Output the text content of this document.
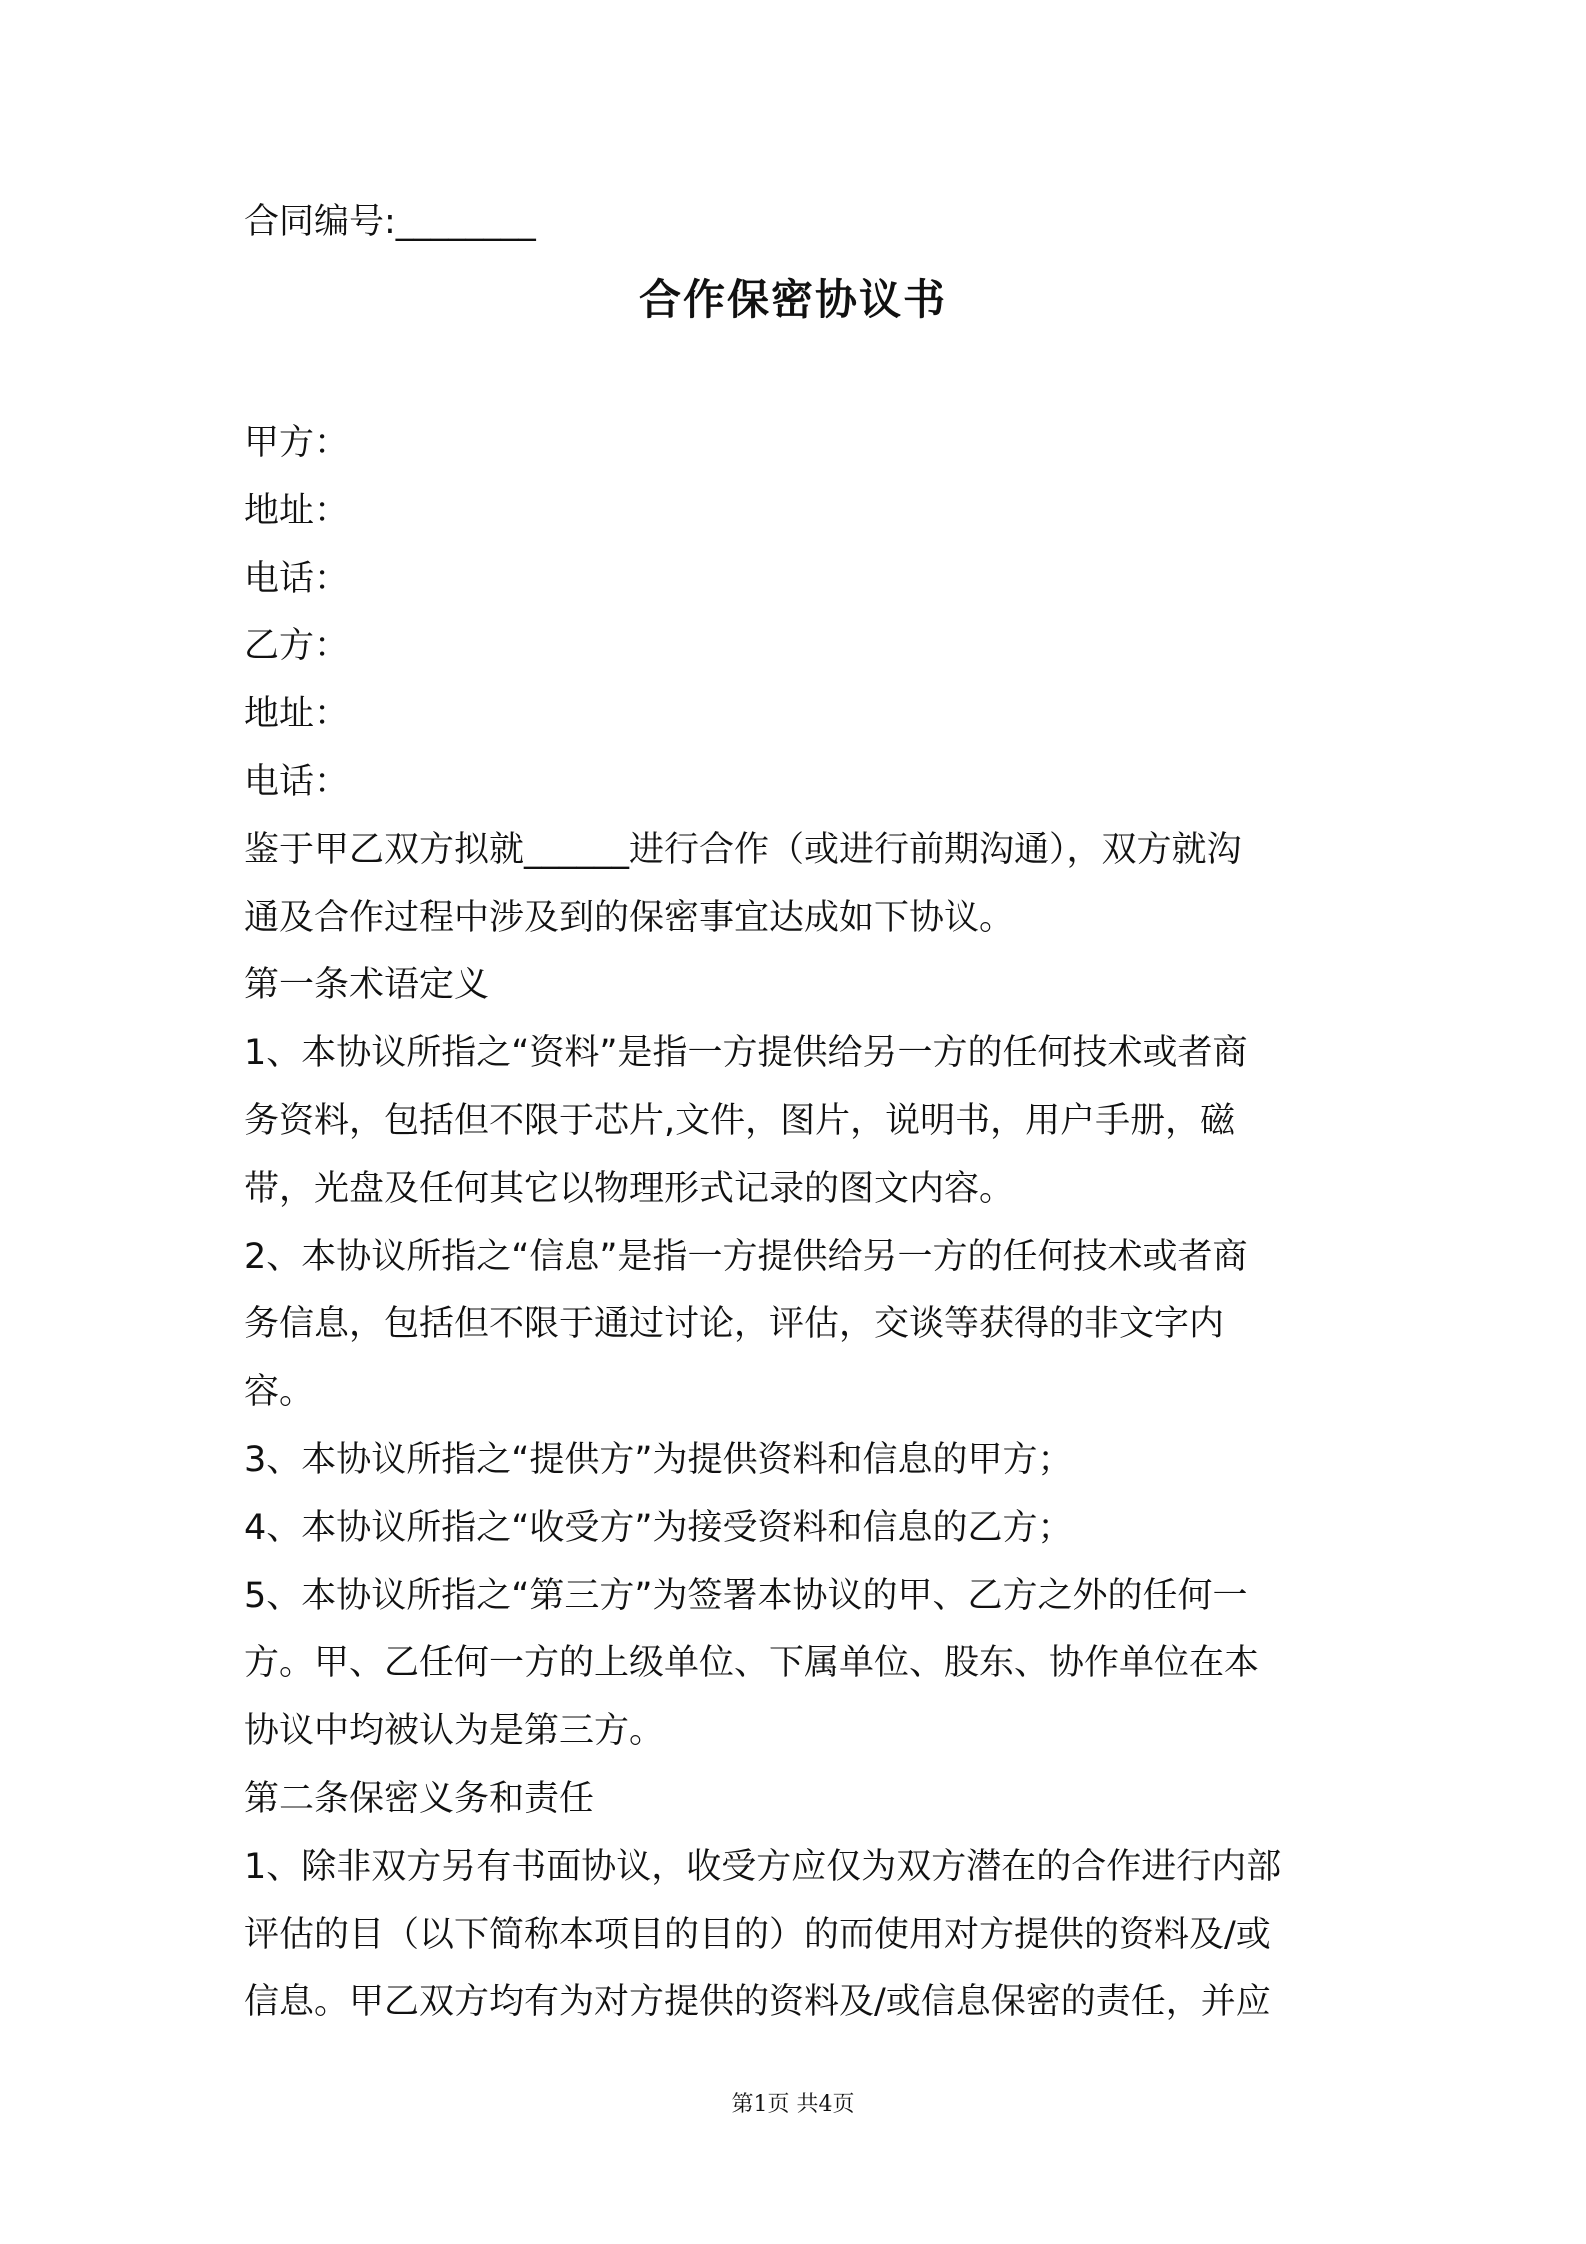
合同编号:________
合作保密协议书
甲方：
地址：
电话：
乙方：
地址：
电话：
鉴于甲乙双方拟就______进行合作（或进行前期沟通），双方就沟
通及合作过程中涉及到的保密事宜达成如下协议。
第一条术语定义
1、本协议所指之“资料”是指一方提供给另一方的任何技术或者商
务资料，包括但不限于芯片,文件，图片，说明书，用户手册，磁
带，光盘及任何其它以物理形式记录的图文内容。
2、本协议所指之“信息”是指一方提供给另一方的任何技术或者商
务信息，包括但不限于通过讨论，评估，交谈等获得的非文字内
容。
3、本协议所指之“提供方”为提供资料和信息的甲方；
4、本协议所指之“收受方”为接受资料和信息的乙方；
5、本协议所指之“第三方”为签署本协议的甲、乙方之外的任何一
方。甲、乙任何一方的上级单位、下属单位、股东、协作单位在本
协议中均被认为是第三方。
第二条保密义务和责任
1、除非双方另有书面协议，收受方应仅为双方潜在的合作进行内部
评估的目（以下简称本项目的目的）的而使用对方提供的资料及/或
信息。甲乙双方均有为对方提供的资料及/或信息保密的责任，并应
第1页 共4页
